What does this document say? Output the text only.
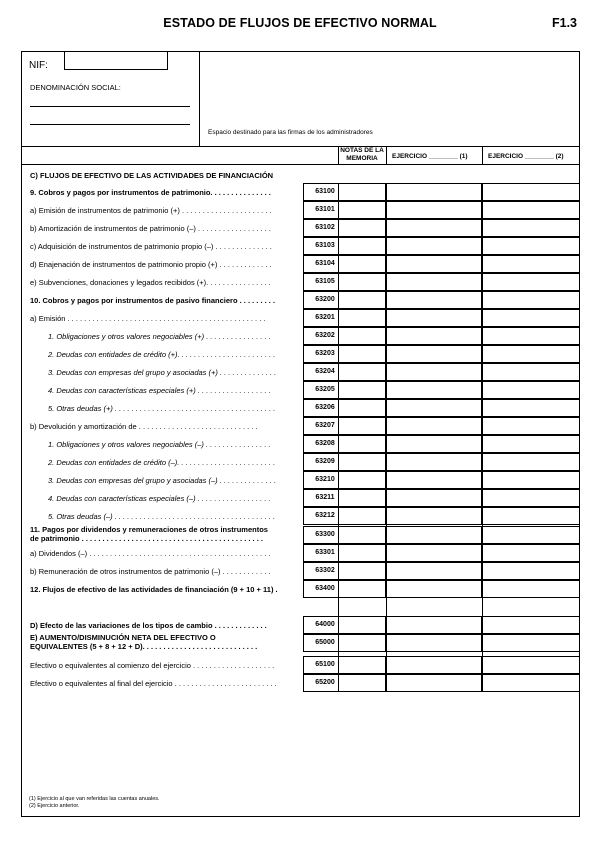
ESTADO DE FLUJOS DE EFECTIVO NORMAL	F1.3
NIF:
DENOMINACIÓN SOCIAL:
Espacio destinado para las firmas de los administradores
NOTAS DE LA MEMORIA	EJERCICIO ________ (1)	EJERCICIO ________ (2)
C) FLUJOS DE EFECTIVO DE LAS ACTIVIDADES DE FINANCIACIÓN
9. Cobros y pagos por instrumentos de patrimonio. . . . . . . . . . . . . . .	63100
a) Emisión de instrumentos de patrimonio (+) . . . . . . . . . . . . . . . . . . . . . .	63101
b) Amortización de instrumentos de patrimonio (–) . . . . . . . . . . . . . . . . . .	63102
c) Adquisición de instrumentos de patrimonio propio (–) . . . . . . . . . . . . . .	63103
d) Enajenación de instrumentos de patrimonio propio (+) . . . . . . . . . . . . .	63104
e) Subvenciones, donaciones y legados recibidos (+). . . . . . . . . . . . . . . .	63105
10. Cobros y pagos por instrumentos de pasivo financiero . . . . . . . . .	63200
a) Emisión . . . . . . . . . . . . . . . . . . . . . . . . . . . . . . . . . . . . . . . . . . . . . . . .	63201
1. Obligaciones y otros valores negociables (+) . . . . . . . . . . . . . . . .	63202
2. Deudas con entidades de crédito (+). . . . . . . . . . . . . . . . . . . . . . . .	63203
3. Deudas con empresas del grupo y asociadas (+) . . . . . . . . . . . . . .	63204
4. Deudas con características especiales (+) . . . . . . . . . . . . . . . . . .	63205
5. Otras deudas (+) . . . . . . . . . . . . . . . . . . . . . . . . . . . . . . . . . . . . . . .	63206
b) Devolución y amortización de . . . . . . . . . . . . . . . . . . . . . . . . . . . . .	63207
1. Obligaciones y otros valores negociables (–) . . . . . . . . . . . . . . . .	63208
2. Deudas con entidades de crédito (–). . . . . . . . . . . . . . . . . . . . . . . .	63209
3. Deudas con empresas del grupo y asociadas (–) . . . . . . . . . . . . . .	63210
4. Deudas con características especiales (–) . . . . . . . . . . . . . . . . . .	63211
5. Otras deudas (–) . . . . . . . . . . . . . . . . . . . . . . . . . . . . . . . . . . . . . . .	63212
11. Pagos por dividendos y remuneraciones de otros instrumentos
de patrimonio . . . . . . . . . . . . . . . . . . . . . . . . . . . . . . . . . . . . . . . . . . . .	63300
a) Dividendos (–) . . . . . . . . . . . . . . . . . . . . . . . . . . . . . . . . . . . . . . . . . . . .	63301
b) Remuneración de otros instrumentos de patrimonio (–) . . . . . . . . . . . .	63302
12. Flujos de efectivo de las actividades de financiación (9 + 10 + 11) .	63400
D) Efecto de las variaciones de los tipos de cambio . . . . . . . . . . . . .	64000
E) AUMENTO/DISMINUCIÓN NETA DEL EFECTIVO O
EQUIVALENTES (5 + 8 + 12 + D). . . . . . . . . . . . . . . . . . . . . . . . . . . .	65000
Efectivo o equivalentes al comienzo del ejercicio . . . . . . . . . . . . . . . . . . . .	65100
Efectivo o equivalentes al final del ejercicio . . . . . . . . . . . . . . . . . . . . . . . . .	65200
(1) Ejercicio al que van referidas las cuentas anuales.
(2) Ejercicio anterior.
